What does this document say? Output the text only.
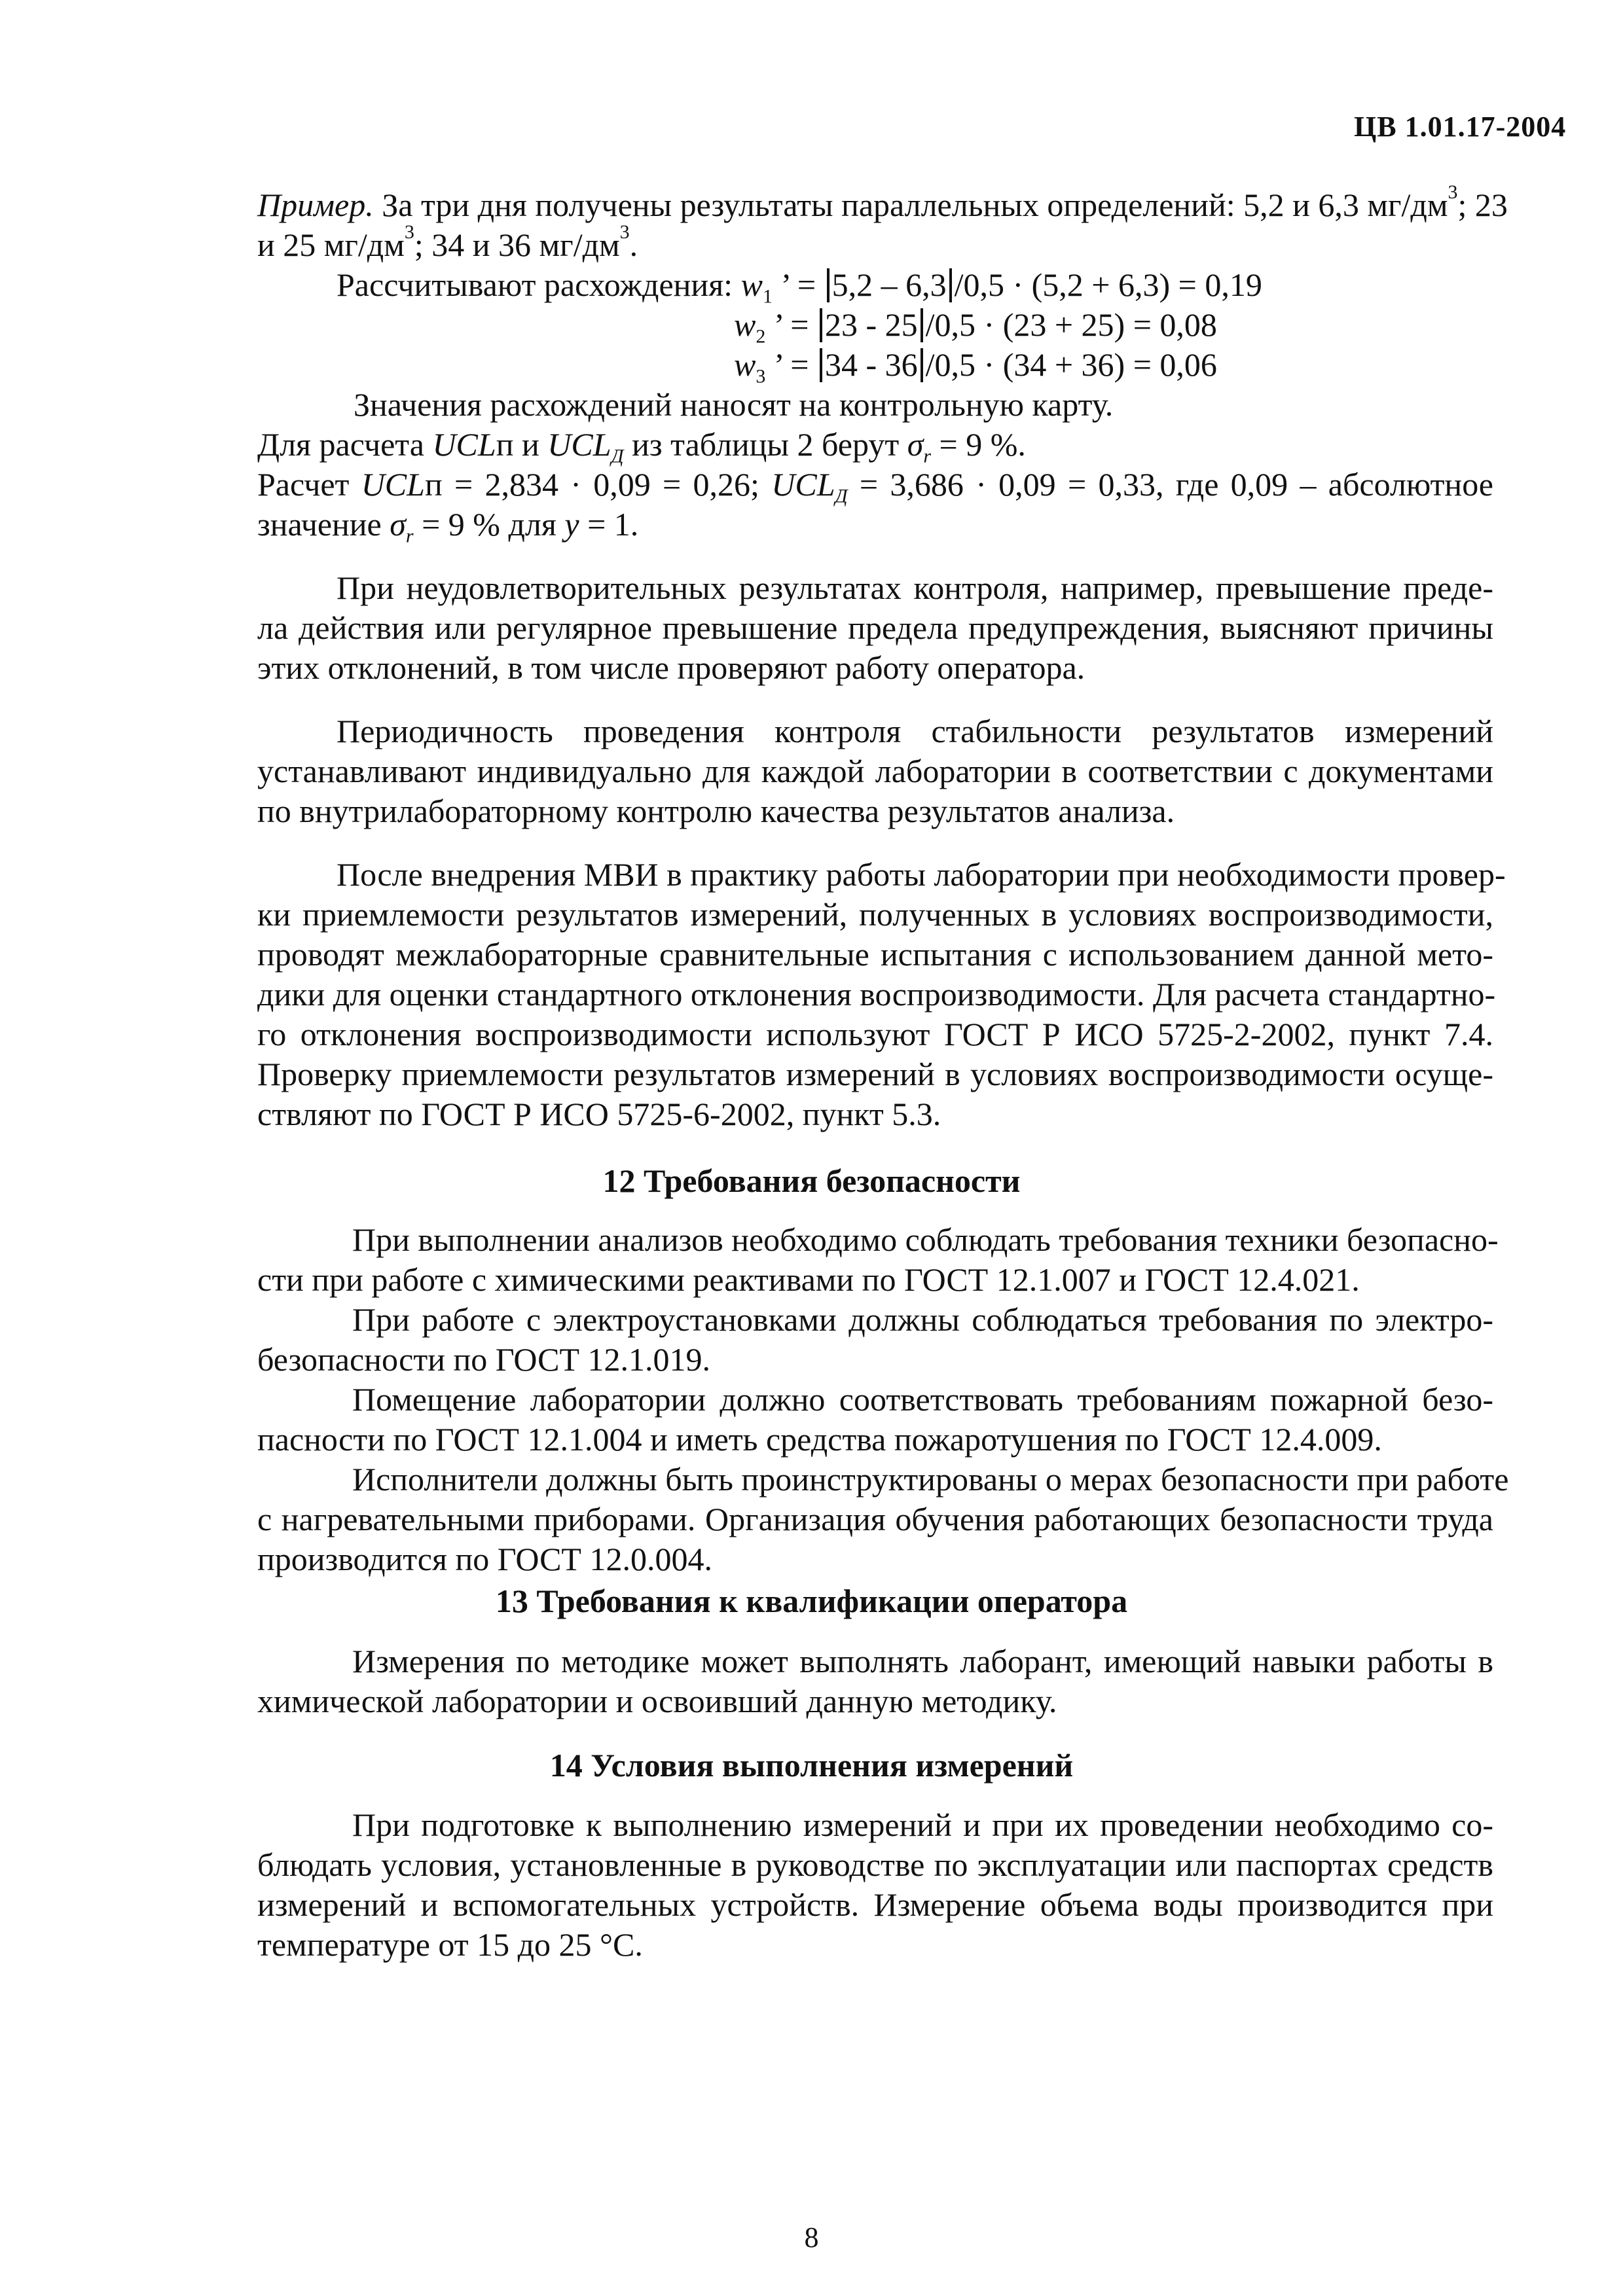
ЦВ 1.01.17-2004
Пример. За три дня получены результаты параллельных определений: 5,2 и 6,3 $мг/дм^3$; 23
и 25 $мг/дм^3$; 34 и 36 $мг/дм^3$.
Рассчитывают расхождения: $w_1$ ’ = 5,2 – 6,3 /0,5 · (5,2 + 6,3) = 0,19
$w_2$ ’ = 23 - 25 /0,5 · (23 + 25) = 0,08
$w_3$ ’ = 34 - 36 /0,5 · (34 + 36) = 0,06
Значения расхождений наносят на контрольную карту.
Для расчета UCLп и $UCL_Д$ из таблицы 2 берут $\sigma_r = 9$ %.
Расчет UCLп = 2,834 · 0,09 = 0,26; $UCL_Д = 3,686 \cdot 0,09 = 0,33$, где 0,09 – абсолютное
значение $\sigma_r = 9$ % для y = 1.
При неудовлетворительных результатах контроля, например, превышение преде-
ла действия или регулярное превышение предела предупреждения, выясняют причины
этих отклонений, в том числе проверяют работу оператора.
Периодичность проведения контроля стабильности результатов измерений
устанавливают индивидуально для каждой лаборатории в соответствии с документами
по внутрилабораторному контролю качества результатов анализа.
После внедрения МВИ в практику работы лаборатории при необходимости провер-
ки приемлемости результатов измерений, полученных в условиях воспроизводимости,
проводят межлабораторные сравнительные испытания с использованием данной мето-
дики для оценки стандартного отклонения воспроизводимости. Для расчета стандартно-
го отклонения воспроизводимости используют ГОСТ Р ИСО 5725-2-2002, пункт 7.4.
Проверку приемлемости результатов измерений в условиях воспроизводимости осуще-
ствляют по ГОСТ Р ИСО 5725-6-2002, пункт 5.3.
12 Требования безопасности
При выполнении анализов необходимо соблюдать требования техники безопасно-
сти при работе с химическими реактивами по ГОСТ 12.1.007 и ГОСТ 12.4.021.
При работе с электроустановками должны соблюдаться требования по электро-
безопасности по ГОСТ 12.1.019.
Помещение лаборатории должно соответствовать требованиям пожарной безо-
пасности по ГОСТ 12.1.004 и иметь средства пожаротушения по ГОСТ 12.4.009.
Исполнители должны быть проинструктированы о мерах безопасности при работе
с нагревательными приборами. Организация обучения работающих безопасности труда
производится по ГОСТ 12.0.004.
13 Требования к квалификации оператора
Измерения по методике может выполнять лаборант, имеющий навыки работы в
химической лаборатории и освоивший данную методику.
14 Условия выполнения измерений
При подготовке к выполнению измерений и при их проведении необходимо со-
блюдать условия, установленные в руководстве по эксплуатации или паспортах средств
измерений и вспомогательных устройств. Измерение объема воды производится при
температуре от 15 до 25 °С.
8
